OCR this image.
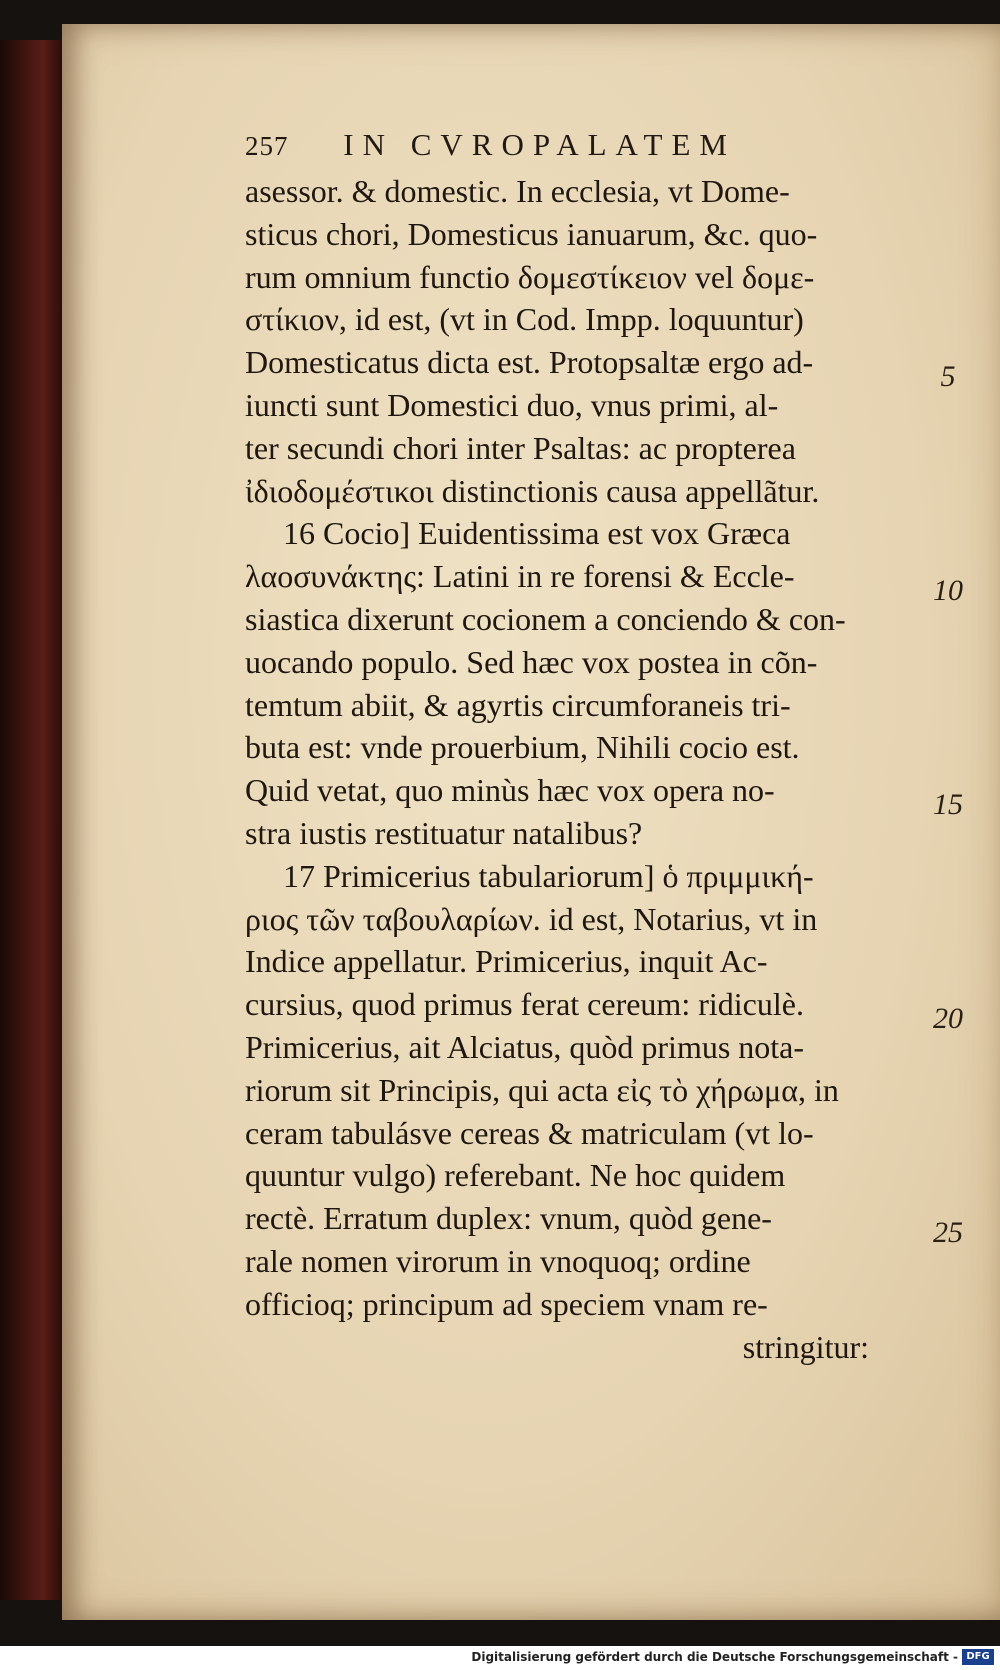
257 IN CVROPALATEM
asessor. & domestic. In ecclesia, vt Dome-
sticus chori, Domesticus ianuarum, &c. quo-
rum omnium functio δομεστίκειον vel δομε-
στίκιον, id est, (vt in Cod. Impp. loquuntur)
Domesticatus dicta est. Protopsaltæ ergo ad-
iuncti sunt Domestici duo, vnus primi, al-
ter secundi chori inter Psaltas: ac propterea
ἰδιοδομέστικοι distinctionis causa appellãtur.
16 Cocio] Euidentissima est vox Græca
λαοσυνάκτης: Latini in re forensi & Eccle-
siastica dixerunt cocionem a conciendo & con-
uocando populo. Sed hæc vox postea in cõn-
temtum abiit, & agyrtis circumforaneis tri-
buta est: vnde prouerbium, Nihili cocio est.
Quid vetat, quo minùs hæc vox opera no-
stra iustis restituatur natalibus?
17 Primicerius tabulariorum] ὁ πριμμική-
ριος τῶν ταβουλαρίων. id est, Notarius, vt in
Indice appellatur. Primicerius, inquit Ac-
cursius, quod primus ferat cereum: ridiculè.
Primicerius, ait Alciatus, quòd primus nota-
riorum sit Principis, qui acta εἰς τὸ χήρωμα, in
ceram tabulásve cereas & matriculam (vt lo-
quuntur vulgo) referebant. Ne hoc quidem
rectè. Erratum duplex: vnum, quòd gene-
rale nomen virorum in vnoquoq; ordine
officioq; principum ad speciem vnam re-
stringitur:
5
10
15
20
25
Digitalisierung gefördert durch die Deutsche Forschungsgemeinschaft - DFG
